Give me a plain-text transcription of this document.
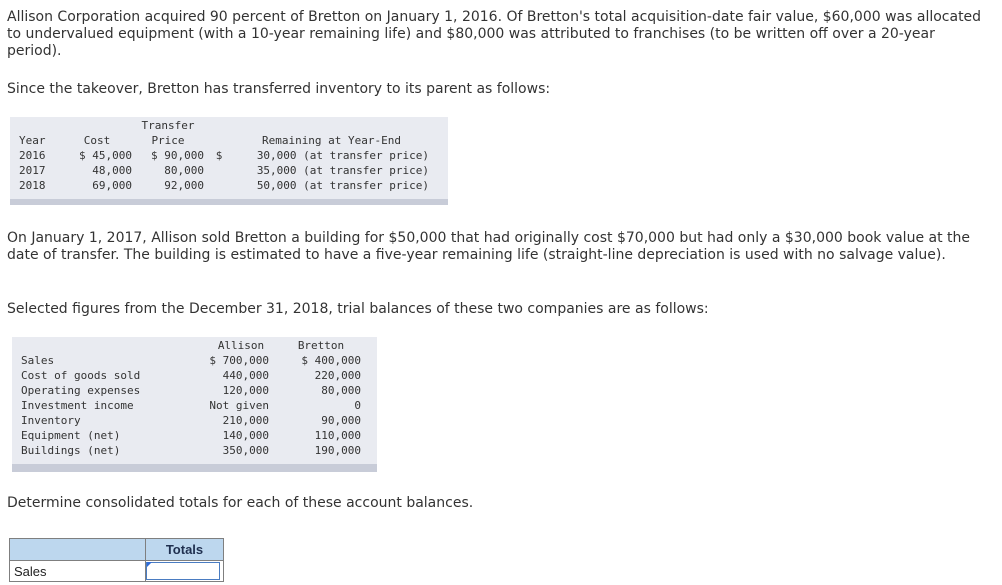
Allison Corporation acquired 90 percent of Bretton on January 1, 2016. Of Bretton's total acquisition-date fair value, $60,000 was allocated to undervalued equipment (with a 10-year remaining life) and $80,000 was attributed to franchises (to be written off over a 20-year period).

Since the takeover, Bretton has transferred inventory to its parent as follows:

		Transfer		
Year	Cost	Price		Remaining at Year-End
2016	$ 45,000	$ 90,000	$	30,000 (at transfer price)
2017	48,000	80,000		35,000 (at transfer price)
2018	69,000	92,000		50,000 (at transfer price)

On January 1, 2017, Allison sold Bretton a building for $50,000 that had originally cost $70,000 but had only a $30,000 book value at the date of transfer. The building is estimated to have a five-year remaining life (straight-line depreciation is used with no salvage value).

Selected figures from the December 31, 2018, trial balances of these two companies are as follows:

	Allison	Bretton
Sales	$ 700,000	$ 400,000
Cost of goods sold	440,000	220,000
Operating expenses	120,000	80,000
Investment income	Not given	0
Inventory	210,000	90,000
Equipment (net)	140,000	110,000
Buildings (net)	350,000	190,000

Determine consolidated totals for each of these account balances.

	Totals
Sales	
